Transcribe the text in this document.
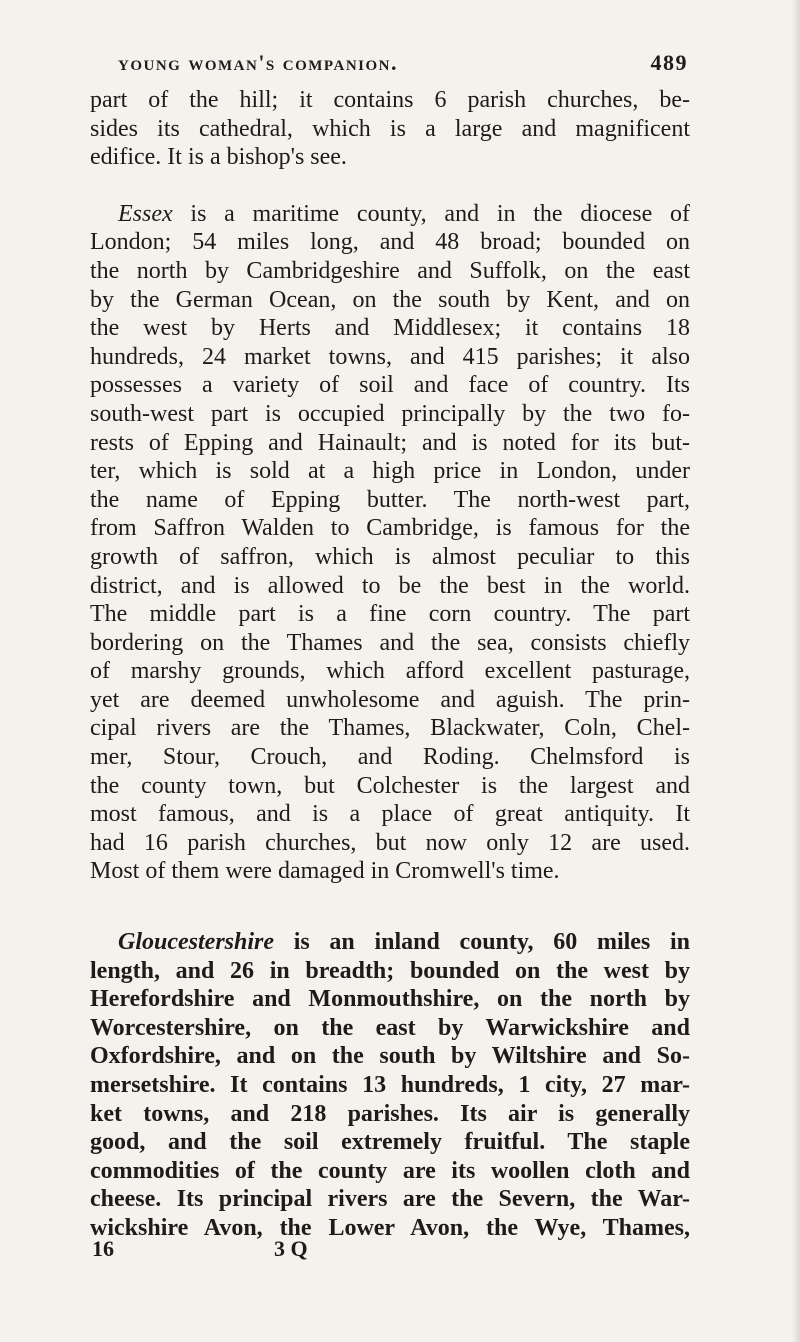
young woman's companion.	489
part of the hill; it contains 6 parish churches, be-
sides its cathedral, which is a large and magnificent
edifice. It is a bishop's see.
Essex is a maritime county, and in the diocese of
London; 54 miles long, and 48 broad; bounded on
the north by Cambridgeshire and Suffolk, on the east
by the German Ocean, on the south by Kent, and on
the west by Herts and Middlesex; it contains 18
hundreds, 24 market towns, and 415 parishes; it also
possesses a variety of soil and face of country. Its
south-west part is occupied principally by the two fo-
rests of Epping and Hainault; and is noted for its but-
ter, which is sold at a high price in London, under
the name of Epping butter. The north-west part,
from Saffron Walden to Cambridge, is famous for the
growth of saffron, which is almost peculiar to this
district, and is allowed to be the best in the world.
The middle part is a fine corn country. The part
bordering on the Thames and the sea, consists chiefly
of marshy grounds, which afford excellent pasturage,
yet are deemed unwholesome and aguish. The prin-
cipal rivers are the Thames, Blackwater, Coln, Chel-
mer, Stour, Crouch, and Roding. Chelmsford is
the county town, but Colchester is the largest and
most famous, and is a place of great antiquity. It
had 16 parish churches, but now only 12 are used.
Most of them were damaged in Cromwell's time.
Gloucestershire is an inland county, 60 miles in
length, and 26 in breadth; bounded on the west by
Herefordshire and Monmouthshire, on the north by
Worcestershire, on the east by Warwickshire and
Oxfordshire, and on the south by Wiltshire and So-
mersetshire. It contains 13 hundreds, 1 city, 27 mar-
ket towns, and 218 parishes. Its air is generally
good, and the soil extremely fruitful. The staple
commodities of the county are its woollen cloth and
cheese. Its principal rivers are the Severn, the War-
wickshire Avon, the Lower Avon, the Wye, Thames,
16	3 Q
